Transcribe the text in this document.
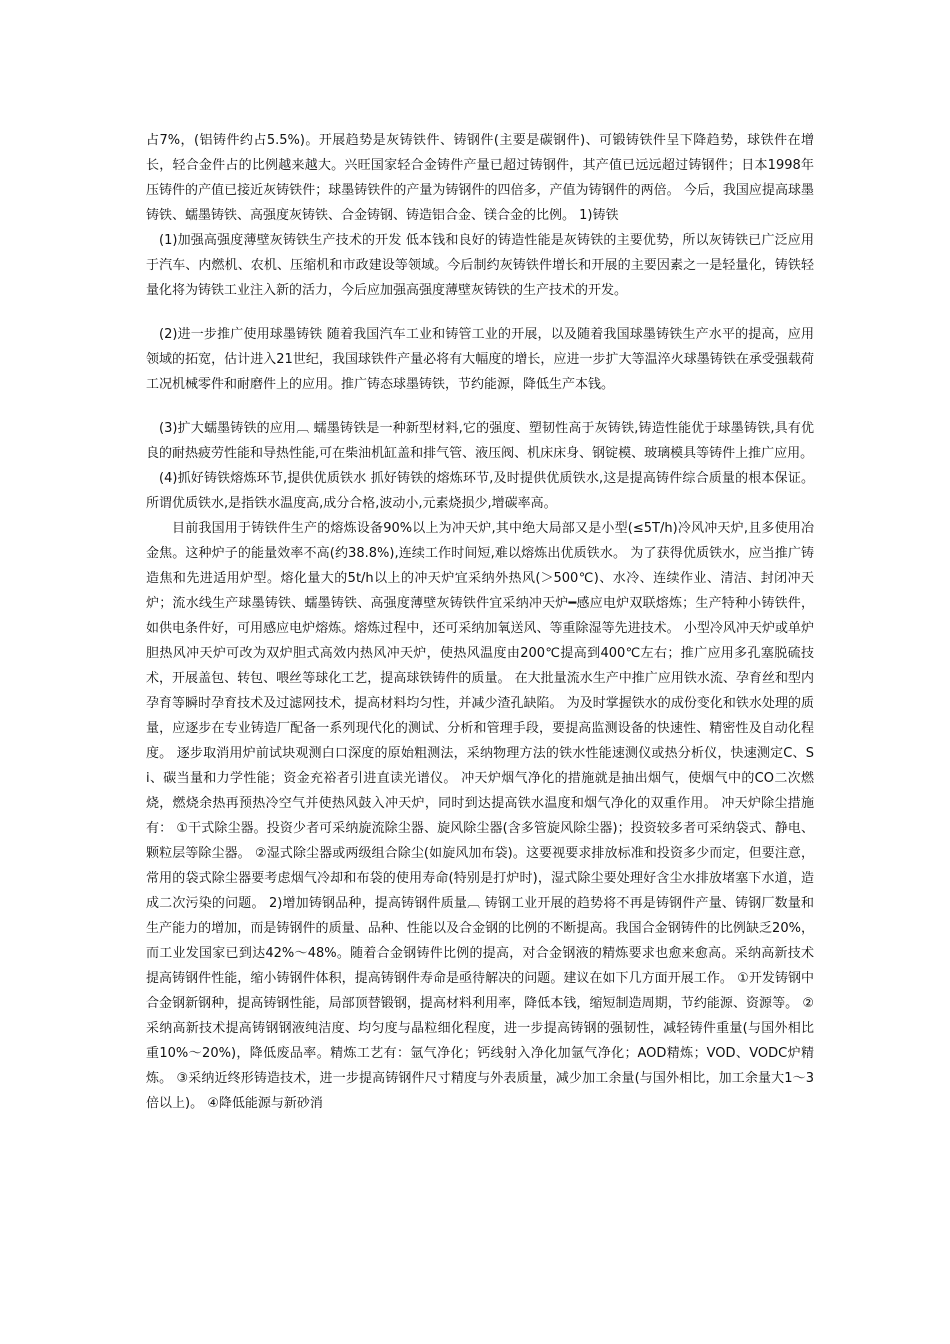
占7%，(铝铸件约占5.5%)。开展趋势是灰铸铁件、铸钢件(主要是碳钢件)、可锻铸铁件呈下降趋势，球铁件在增长，轻合金件占的比例越来越大。兴旺国家轻合金铸件产量已超过铸钢件，其产值已远远超过铸钢件；日本1998年压铸件的产值已接近灰铸铁件；球墨铸铁件的产量为铸钢件的四倍多，产值为铸钢件的两倍。 今后，我国应提高球墨铸铁、蠕墨铸铁、高强度灰铸铁、合金铸钢、铸造铝合金、镁合金的比例。 1)铸铁

(1)加强高强度薄壁灰铸铁生产技术的开发 低本钱和良好的铸造性能是灰铸铁的主要优势，所以灰铸铁已广泛应用于汽车、内燃机、农机、压缩机和市政建设等领域。今后制约灰铸铁件增长和开展的主要因素之一是轻量化，铸铁轻量化将为铸铁工业注入新的活力，今后应加强高强度薄壁灰铸铁的生产技术的开发。

(2)进一步推广使用球墨铸铁 随着我国汽车工业和铸管工业的开展，以及随着我国球墨铸铁生产水平的提高，应用领域的拓宽，估计进入21世纪，我国球铁件产量必将有大幅度的增长，应进一步扩大等温淬火球墨铸铁在承受强载荷工况机械零件和耐磨件上的应用。推广铸态球墨铸铁，节约能源，降低生产本钱。

(3)扩大蠕墨铸铁的应用︹ 蠕墨铸铁是一种新型材料,它的强度、塑韧性高于灰铸铁,铸造性能优于球墨铸铁,具有优良的耐热疲劳性能和导热性能,可在柴油机缸盖和排气管、液压阀、机床床身、钢锭模、玻璃模具等铸件上推广应用。

(4)抓好铸铁熔炼环节,提供优质铁水 抓好铸铁的熔炼环节,及时提供优质铁水,这是提高铸件综合质量的根本保证。所谓优质铁水,是指铁水温度高,成分合格,波动小,元素烧损少,增碳率高。

目前我国用于铸铁件生产的熔炼设备90%以上为冲天炉,其中绝大局部又是小型(≤5T/h)冷风冲天炉,且多使用冶金焦。这种炉子的能量效率不高(约38.8%),连续工作时间短,难以熔炼出优质铁水。 为了获得优质铁水，应当推广铸造焦和先进适用炉型。熔化量大的5t/h以上的冲天炉宜采纳外热风(＞500℃)、水冷、连续作业、清洁、封闭冲天炉；流水线生产球墨铸铁、蠕墨铸铁、高强度薄壁灰铸铁件宜采纳冲天炉━感应电炉双联熔炼；生产特种小铸铁件，如供电条件好，可用感应电炉熔炼。熔炼过程中，还可采纳加氧送风、等重除湿等先进技术。 小型冷风冲天炉或单炉胆热风冲天炉可改为双炉胆式高效内热风冲天炉，使热风温度由200℃提高到400℃左右；推广应用多孔塞脱硫技术，开展盖包、转包、喂丝等球化工艺，提高球铁铸件的质量。 在大批量流水生产中推广应用铁水流、孕育丝和型内孕育等瞬时孕育技术及过滤网技术，提高材料均匀性，并减少渣孔缺陷。 为及时掌握铁水的成份变化和铁水处理的质量，应逐步在专业铸造厂配备一系列现代化的测试、分析和管理手段，要提高监测设备的快速性、精密性及自动化程度。 逐步取消用炉前试块观测白口深度的原始粗测法，采纳物理方法的铁水性能速测仪或热分析仪，快速测定C、Si、碳当量和力学性能；资金充裕者引进直读光谱仪。 冲天炉烟气净化的措施就是抽出烟气，使烟气中的CO二次燃烧，燃烧余热再预热冷空气并使热风鼓入冲天炉，同时到达提高铁水温度和烟气净化的双重作用。 冲天炉除尘措施有： ①干式除尘器。投资少者可采纳旋流除尘器、旋风除尘器(含多管旋风除尘器)；投资较多者可采纳袋式、静电、颗粒层等除尘器。 ②湿式除尘器或两级组合除尘(如旋风加布袋)。这要视要求排放标准和投资多少而定，但要注意，常用的袋式除尘器要考虑烟气冷却和布袋的使用寿命(特别是打炉时)，湿式除尘要处理好含尘水排放堵塞下水道，造成二次污染的问题。 2)增加铸钢品种，提高铸钢件质量︹ 铸钢工业开展的趋势将不再是铸钢件产量、铸钢厂数量和生产能力的增加，而是铸钢件的质量、品种、性能以及合金钢的比例的不断提高。我国合金钢铸件的比例缺乏20%，而工业发国家已到达42%～48%。随着合金钢铸件比例的提高，对合金钢液的精炼要求也愈来愈高。采纳高新技术提高铸钢件性能，缩小铸钢件体积，提高铸钢件寿命是亟待解决的问题。建议在如下几方面开展工作。 ①开发铸钢中合金钢新钢种，提高铸钢性能，局部顶替锻钢，提高材料利用率，降低本钱，缩短制造周期，节约能源、资源等。 ②采纳高新技术提高铸钢钢液纯洁度、均匀度与晶粒细化程度，进一步提高铸钢的强韧性，减轻铸件重量(与国外相比重10%～20%)，降低废品率。精炼工艺有：氩气净化；钙线射入净化加氩气净化；AOD精炼；VOD、VODC炉精炼。 ③采纳近终形铸造技术，进一步提高铸钢件尺寸精度与外表质量，减少加工余量(与国外相比，加工余量大1～3倍以上)。 ④降低能源与新砂消
